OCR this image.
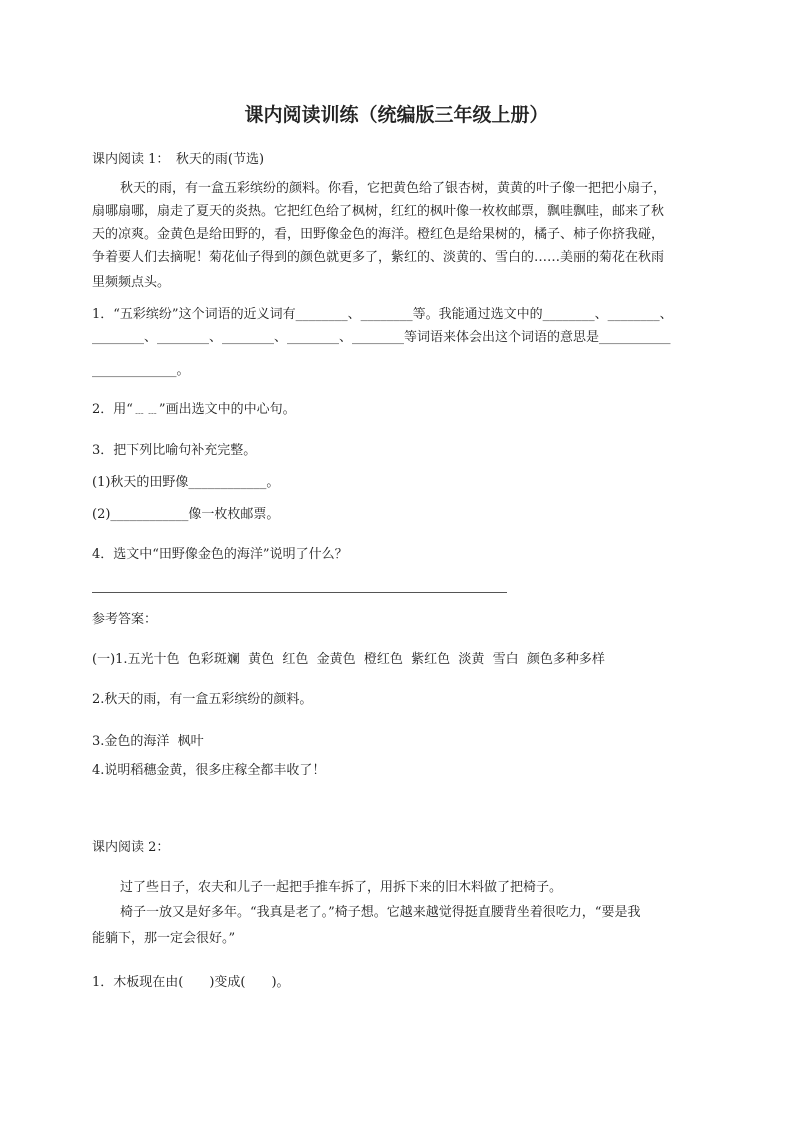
课内阅读训练（统编版三年级上册）
课内阅读 1：　秋天的雨(节选)
秋天的雨，有一盒五彩缤纷的颜料。你看，它把黄色给了银杏树，黄黄的叶子像一把把小扇子，
扇哪扇哪，扇走了夏天的炎热。它把红色给了枫树，红红的枫叶像一枚枚邮票，飘哇飘哇，邮来了秋
天的凉爽。金黄色是给田野的，看，田野像金色的海洋。橙红色是给果树的，橘子、柿子你挤我碰，
争着要人们去摘呢！菊花仙子得到的颜色就更多了，紫红的、淡黄的、雪白的……美丽的菊花在秋雨
里频频点头。
1．“五彩缤纷”这个词语的近义词有________、________等。我能通过选文中的________、________、
________、________、________、________、________等词语来体会出这个词语的意思是___________
_____________。
2．用“﹍﹍”画出选文中的中心句。
3．把下列比喻句补充完整。
(1)秋天的田野像____________。
(2)____________像一枚枚邮票。
4．选文中“田野像金色的海洋”说明了什么？
参考答案：
(一)1.五光十色  色彩斑斓  黄色  红色  金黄色  橙红色  紫红色  淡黄  雪白  颜色多种多样
2.秋天的雨，有一盒五彩缤纷的颜料。
3.金色的海洋  枫叶
4.说明稻穗金黄，很多庄稼全都丰收了！
课内阅读 2：
过了些日子，农夫和儿子一起把手推车拆了，用拆下来的旧木料做了把椅子。
椅子一放又是好多年。“我真是老了。”椅子想。它越来越觉得挺直腰背坐着很吃力，“要是我
能躺下，那一定会很好。”
1．木板现在由(　　)变成(　　)。
